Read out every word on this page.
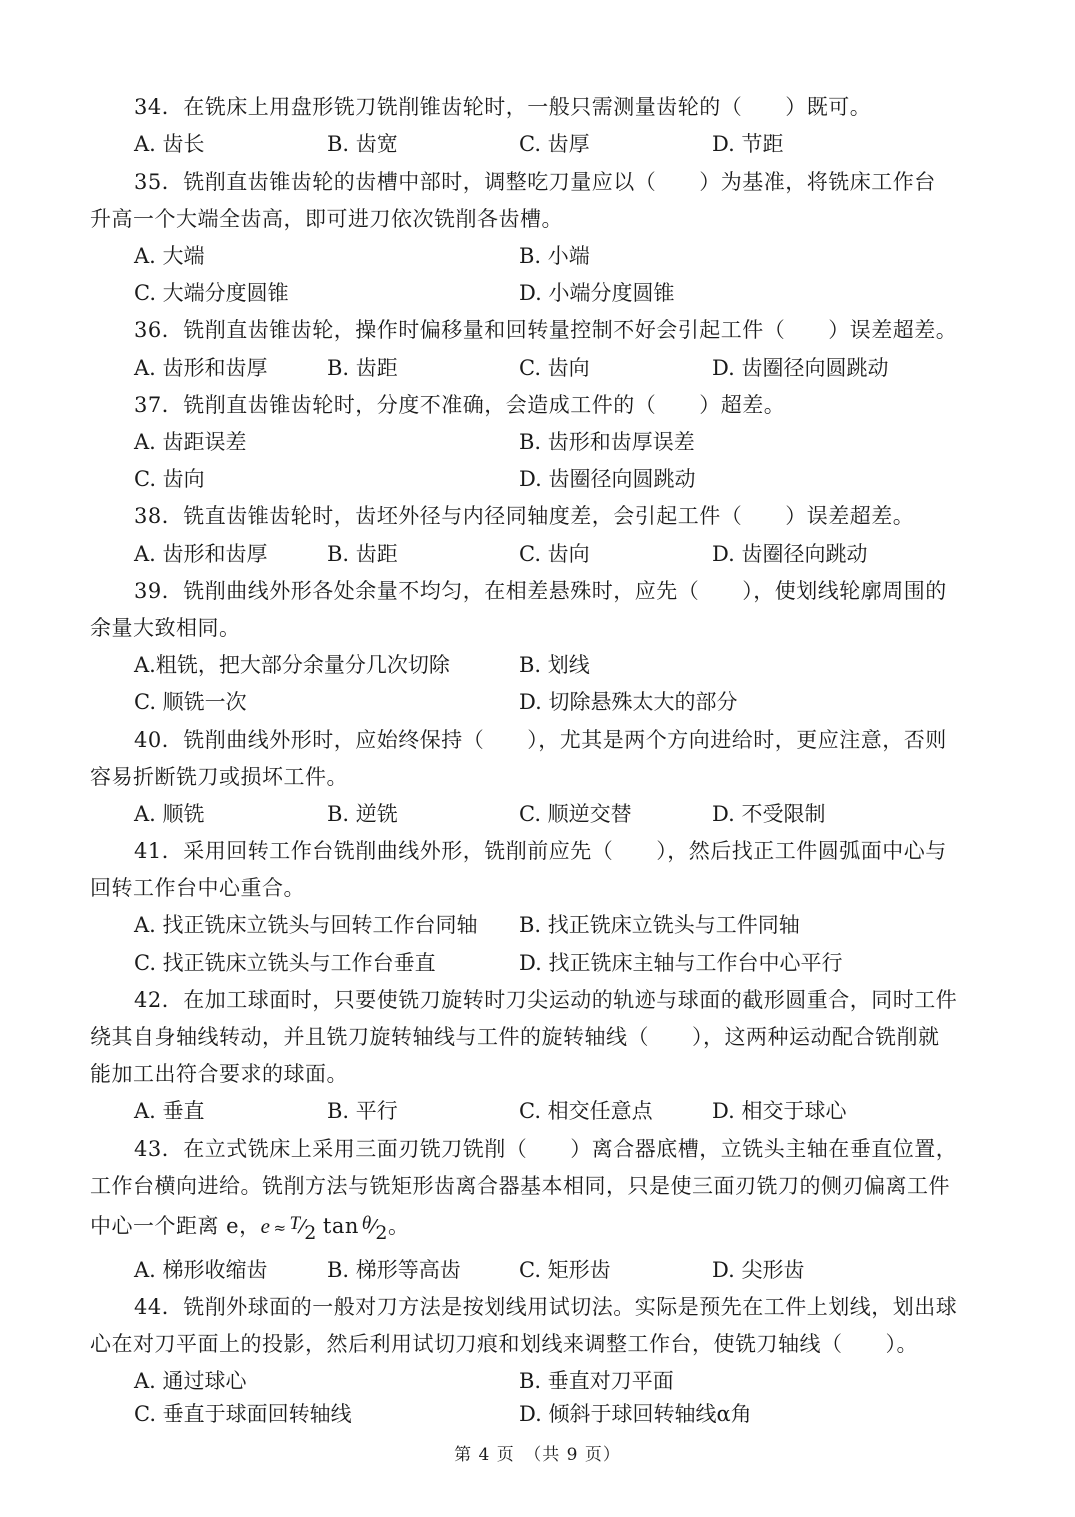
34．在铣床上用盘形铣刀铣削锥齿轮时，一般只需测量齿轮的（　　）既可。
A. 齿长	B. 齿宽	C. 齿厚	D. 节距
35．铣削直齿锥齿轮的齿槽中部时，调整吃刀量应以（　　）为基准，将铣床工作台
升高一个大端全齿高，即可进刀依次铣削各齿槽。
A. 大端	B. 小端
C. 大端分度圆锥	D. 小端分度圆锥
36．铣削直齿锥齿轮，操作时偏移量和回转量控制不好会引起工件（　　）误差超差。
A. 齿形和齿厚	B. 齿距	C. 齿向	D. 齿圈径向圆跳动
37．铣削直齿锥齿轮时，分度不准确，会造成工件的（　　）超差。
A. 齿距误差	B. 齿形和齿厚误差
C. 齿向	D. 齿圈径向圆跳动
38．铣直齿锥齿轮时，齿坯外径与内径同轴度差，会引起工件（　　）误差超差。
A. 齿形和齿厚	B. 齿距	C. 齿向	D. 齿圈径向跳动
39．铣削曲线外形各处余量不均匀，在相差悬殊时，应先（　　），使划线轮廓周围的
余量大致相同。
A.粗铣，把大部分余量分几次切除	B. 划线
C. 顺铣一次	D. 切除悬殊太大的部分
40．铣削曲线外形时，应始终保持（　　），尤其是两个方向进给时，更应注意，否则
容易折断铣刀或损坏工件。
A. 顺铣	B. 逆铣	C. 顺逆交替	D. 不受限制
41．采用回转工作台铣削曲线外形，铣削前应先（　　），然后找正工件圆弧面中心与
回转工作台中心重合。
A. 找正铣床立铣头与回转工作台同轴 B. 找正铣床立铣头与工件同轴
C. 找正铣床立铣头与工作台垂直	D. 找正铣床主轴与工作台中心平行
42．在加工球面时，只要使铣刀旋转时刀尖运动的轨迹与球面的截形圆重合，同时工件
绕其自身轴线转动，并且铣刀旋转轴线与工件的旋转轴线（　　），这两种运动配合铣削就
能加工出符合要求的球面。
A. 垂直	B. 平行	C. 相交任意点	D. 相交于球心
43．在立式铣床上采用三面刃铣刀铣削（　　）离合器底槽，立铣头主轴在垂直位置，
工作台横向进给。铣削方法与铣矩形齿离合器基本相同，只是使三面刃铣刀的侧刃偏离工件
中心一个距离 e，e ≈ T⁄2 tan θ⁄2。
A. 梯形收缩齿	B. 梯形等高齿	C. 矩形齿	D. 尖形齿
44．铣削外球面的一般对刀方法是按划线用试切法。实际是预先在工件上划线，划出球
心在对刀平面上的投影，然后利用试切刀痕和划线来调整工作台，使铣刀轴线（　　）。
A. 通过球心	B. 垂直对刀平面
C. 垂直于球面回转轴线	D. 倾斜于球回转轴线α角
第 4 页　（共 9 页）
